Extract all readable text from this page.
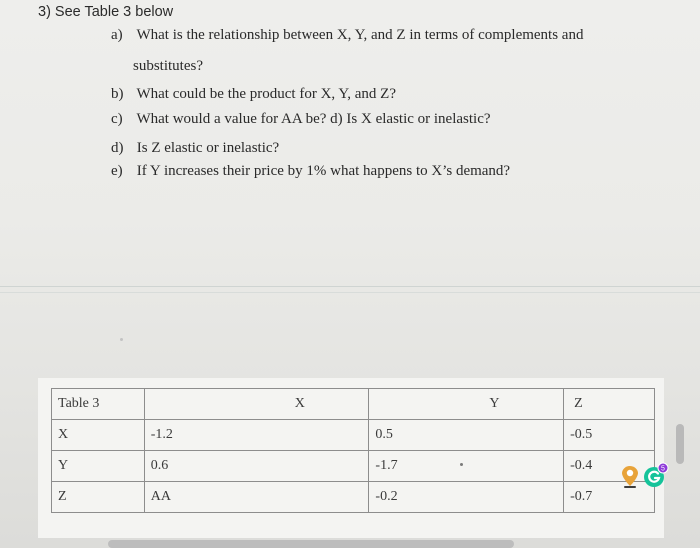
3) See Table 3 below
a) What is the relationship between X, Y, and Z in terms of complements and
substitutes?
b) What could be the product for X, Y, and Z?
c) What would a value for AA be? d) Is X elastic or inelastic?
d) Is Z elastic or inelastic?
e) If Y increases their price by 1% what happens to X’s demand?
Table 3	X	Y	Z
X	-1.2	0.5	-0.5
Y	0.6	-1.7	-0.4
Z	AA	-0.2	-0.7
5
